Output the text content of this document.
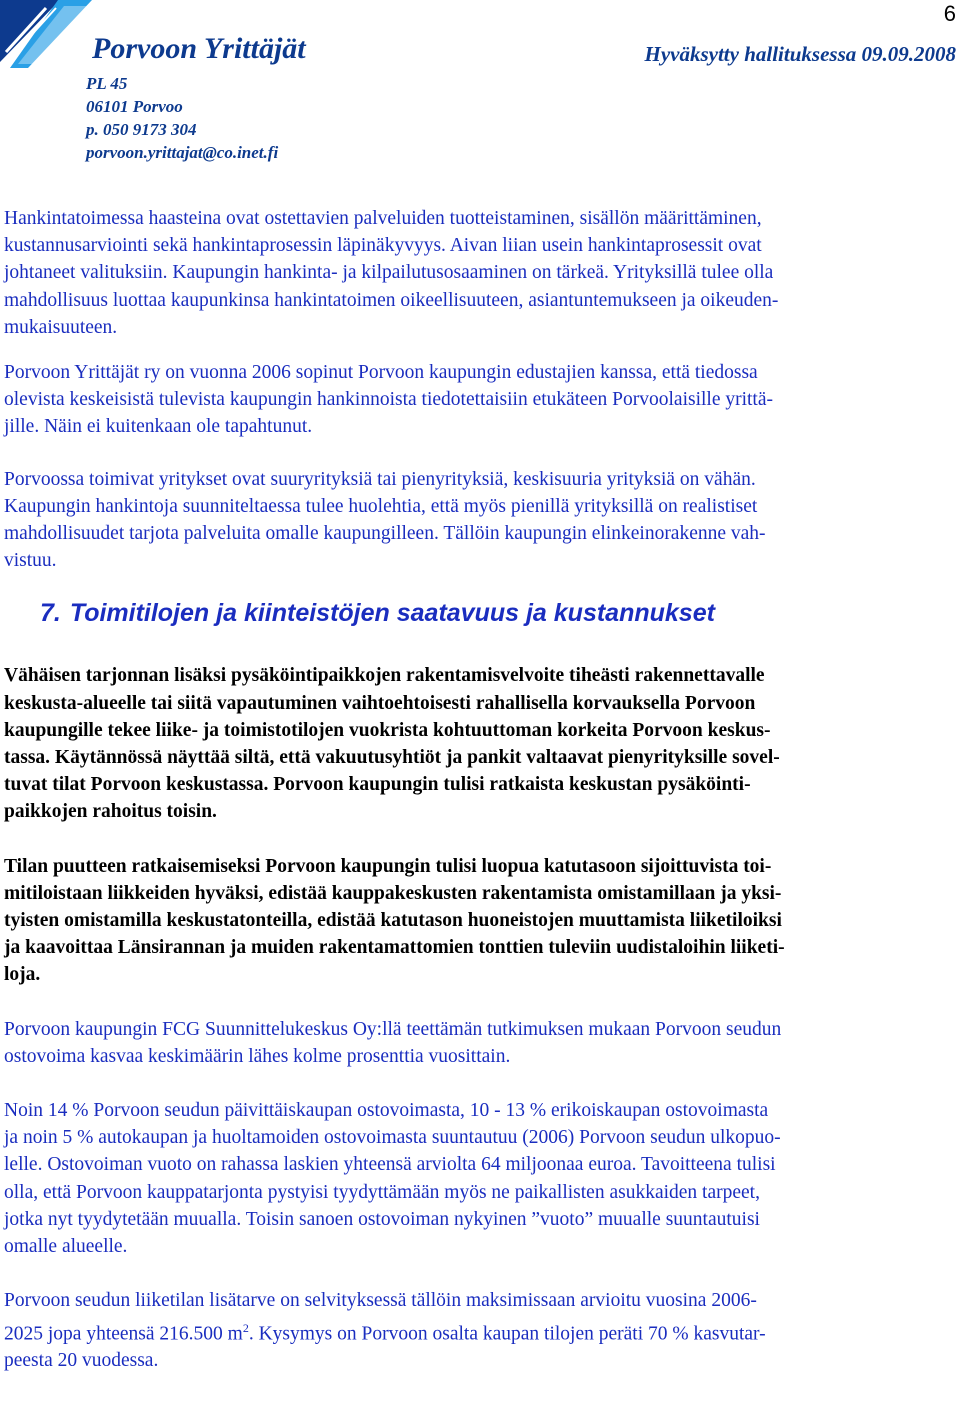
Porvoon Yrittäjät
6
Hyväksytty hallituksessa 09.09.2008
PL 45
06101 Porvoo
p. 050 9173 304
porvoon.yrittajat@co.inet.fi

Hankintatoimessa haasteina ovat ostettavien palveluiden tuotteistaminen, sisällön määrittäminen,
kustannusarviointi sekä hankintaprosessin läpinäkyvyys. Aivan liian usein hankintaprosessit ovat
johtaneet valituksiin. Kaupungin hankinta- ja kilpailutusosaaminen on tärkeä. Yrityksillä tulee olla
mahdollisuus luottaa kaupunkinsa hankintatoimen oikeellisuuteen, asiantuntemukseen ja oikeuden-
mukaisuuteen.

Porvoon Yrittäjät ry on vuonna 2006 sopinut Porvoon kaupungin edustajien kanssa, että tiedossa
olevista keskeisistä tulevista kaupungin hankinnoista tiedotettaisiin etukäteen Porvoolaisille yrittä-
jille. Näin ei kuitenkaan ole tapahtunut.

Porvoossa toimivat yritykset ovat suuryrityksiä tai pienyrityksiä, keskisuuria yrityksiä on vähän.
Kaupungin hankintoja suunniteltaessa tulee huolehtia, että myös pienillä yrityksillä on realistiset
mahdollisuudet tarjota palveluita omalle kaupungilleen. Tällöin kaupungin elinkeinorakenne vah-
vistuu.

7. Toimitilojen ja kiinteistöjen saatavuus ja kustannukset

Vähäisen tarjonnan lisäksi pysäköintipaikkojen rakentamisvelvoite tiheästi rakennettavalle
keskusta-alueelle tai siitä vapautuminen vaihtoehtoisesti rahallisella korvauksella Porvoon
kaupungille tekee liike- ja toimistotilojen vuokrista kohtuuttoman korkeita Porvoon keskus-
tassa. Käytännössä näyttää siltä, että vakuutusyhtiöt ja pankit valtaavat pienyrityksille sovel-
tuvat tilat Porvoon keskustassa. Porvoon kaupungin tulisi ratkaista keskustan pysäköinti-
paikkojen rahoitus toisin.

Tilan puutteen ratkaisemiseksi Porvoon kaupungin tulisi luopua katutasoon sijoittuvista toi-
mitiloistaan liikkeiden hyväksi, edistää kauppakeskusten rakentamista omistamillaan ja yksi-
tyisten omistamilla keskustatonteilla, edistää katutason huoneistojen muuttamista liiketiloiksi
ja kaavoittaa Länsirannan ja muiden rakentamattomien tonttien tuleviin uudistaloihin liiketi-
loja.

Porvoon kaupungin FCG Suunnittelukeskus Oy:llä teettämän tutkimuksen mukaan Porvoon seudun
ostovoima kasvaa keskimäärin lähes kolme prosenttia vuosittain.

Noin 14 % Porvoon seudun päivittäiskaupan ostovoimasta, 10 - 13 % erikoiskaupan ostovoimasta
ja noin 5 % autokaupan ja huoltamoiden ostovoimasta suuntautuu (2006) Porvoon seudun ulkopuo-
lelle. Ostovoiman vuoto on rahassa laskien yhteensä arviolta 64 miljoonaa euroa. Tavoitteena tulisi
olla, että Porvoon kauppatarjonta pystyisi tyydyttämään myös ne paikallisten asukkaiden tarpeet,
jotka nyt tyydytetään muualla. Toisin sanoen ostovoiman nykyinen ”vuoto” muualle suuntautuisi
omalle alueelle.

Porvoon seudun liiketilan lisätarve on selvityksessä tällöin maksimissaan arvioitu vuosina 2006-
2025 jopa yhteensä 216.500 $m^2$. Kysymys on Porvoon osalta kaupan tilojen peräti 70 % kasvutar-
peesta 20 vuodessa.
